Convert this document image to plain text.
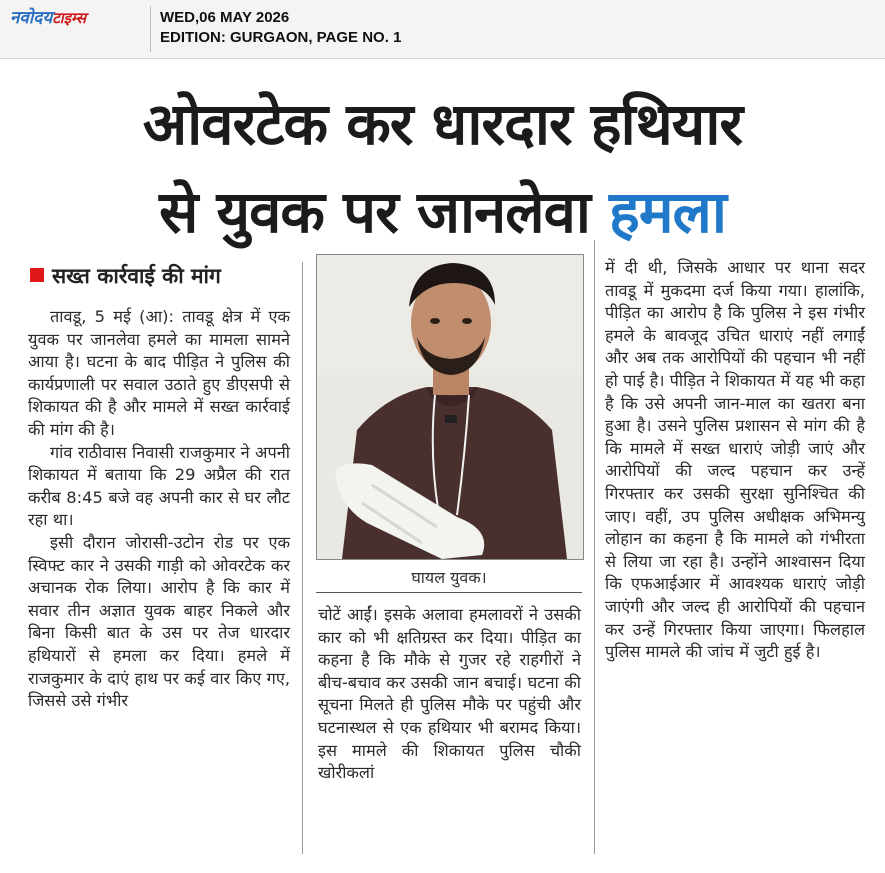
नवोदयटाइम्स	WED,06 MAY 2026
EDITION: GURGAON, PAGE NO. 1
ओवरटेक कर धारदार हथियार
से युवक पर जानलेवा हमला
सख्त कार्रवाई की मांग

तावडू, 5 मई (आ): तावडू क्षेत्र में एक युवक पर जानलेवा हमले का मामला सामने आया है। घटना के बाद पीड़ित ने पुलिस की कार्यप्रणाली पर सवाल उठाते हुए डीएसपी से शिकायत की है और मामले में सख्त कार्रवाई की मांग की है।

गांव राठीवास निवासी राजकुमार ने अपनी शिकायत में बताया कि 29 अप्रैल की रात करीब 8:45 बजे वह अपनी कार से घर लौट रहा था।

इसी दौरान जोरासी-उटोन रोड पर एक स्विफ्ट कार ने उसकी गाड़ी को ओवरटेक कर अचानक रोक लिया। आरोप है कि कार में सवार तीन अज्ञात युवक बाहर निकले और बिना किसी बात के उस पर तेज धारदार हथियारों से हमला कर दिया। हमले में राजकुमार के दाएं हाथ पर कई वार किए गए, जिससे उसे गंभीर

घायल युवक।

चोटें आईं। इसके अलावा हमलावरों ने उसकी कार को भी क्षतिग्रस्त कर दिया। पीड़ित का कहना है कि मौके से गुजर रहे राहगीरों ने बीच-बचाव कर उसकी जान बचाई। घटना की सूचना मिलते ही पुलिस मौके पर पहुंची और घटनास्थल से एक हथियार भी बरामद किया। इस मामले की शिकायत पुलिस चौकी खोरीकलां

में दी थी, जिसके आधार पर थाना सदर तावडू में मुकदमा दर्ज किया गया। हालांकि, पीड़ित का आरोप है कि पुलिस ने इस गंभीर हमले के बावजूद उचित धाराएं नहीं लगाईं और अब तक आरोपियों की पहचान भी नहीं हो पाई है। पीड़ित ने शिकायत में यह भी कहा है कि उसे अपनी जान-माल का खतरा बना हुआ है। उसने पुलिस प्रशासन से मांग की है कि मामले में सख्त धाराएं जोड़ी जाएं और आरोपियों की जल्द पहचान कर उन्हें गिरफ्तार कर उसकी सुरक्षा सुनिश्चित की जाए। वहीं, उप पुलिस अधीक्षक अभिमन्यु लोहान का कहना है कि मामले को गंभीरता से लिया जा रहा है। उन्होंने आश्वासन दिया कि एफआईआर में आवश्यक धाराएं जोड़ी जाएंगी और जल्द ही आरोपियों की पहचान कर उन्हें गिरफ्तार किया जाएगा। फिलहाल पुलिस मामले की जांच में जुटी हुई है।
